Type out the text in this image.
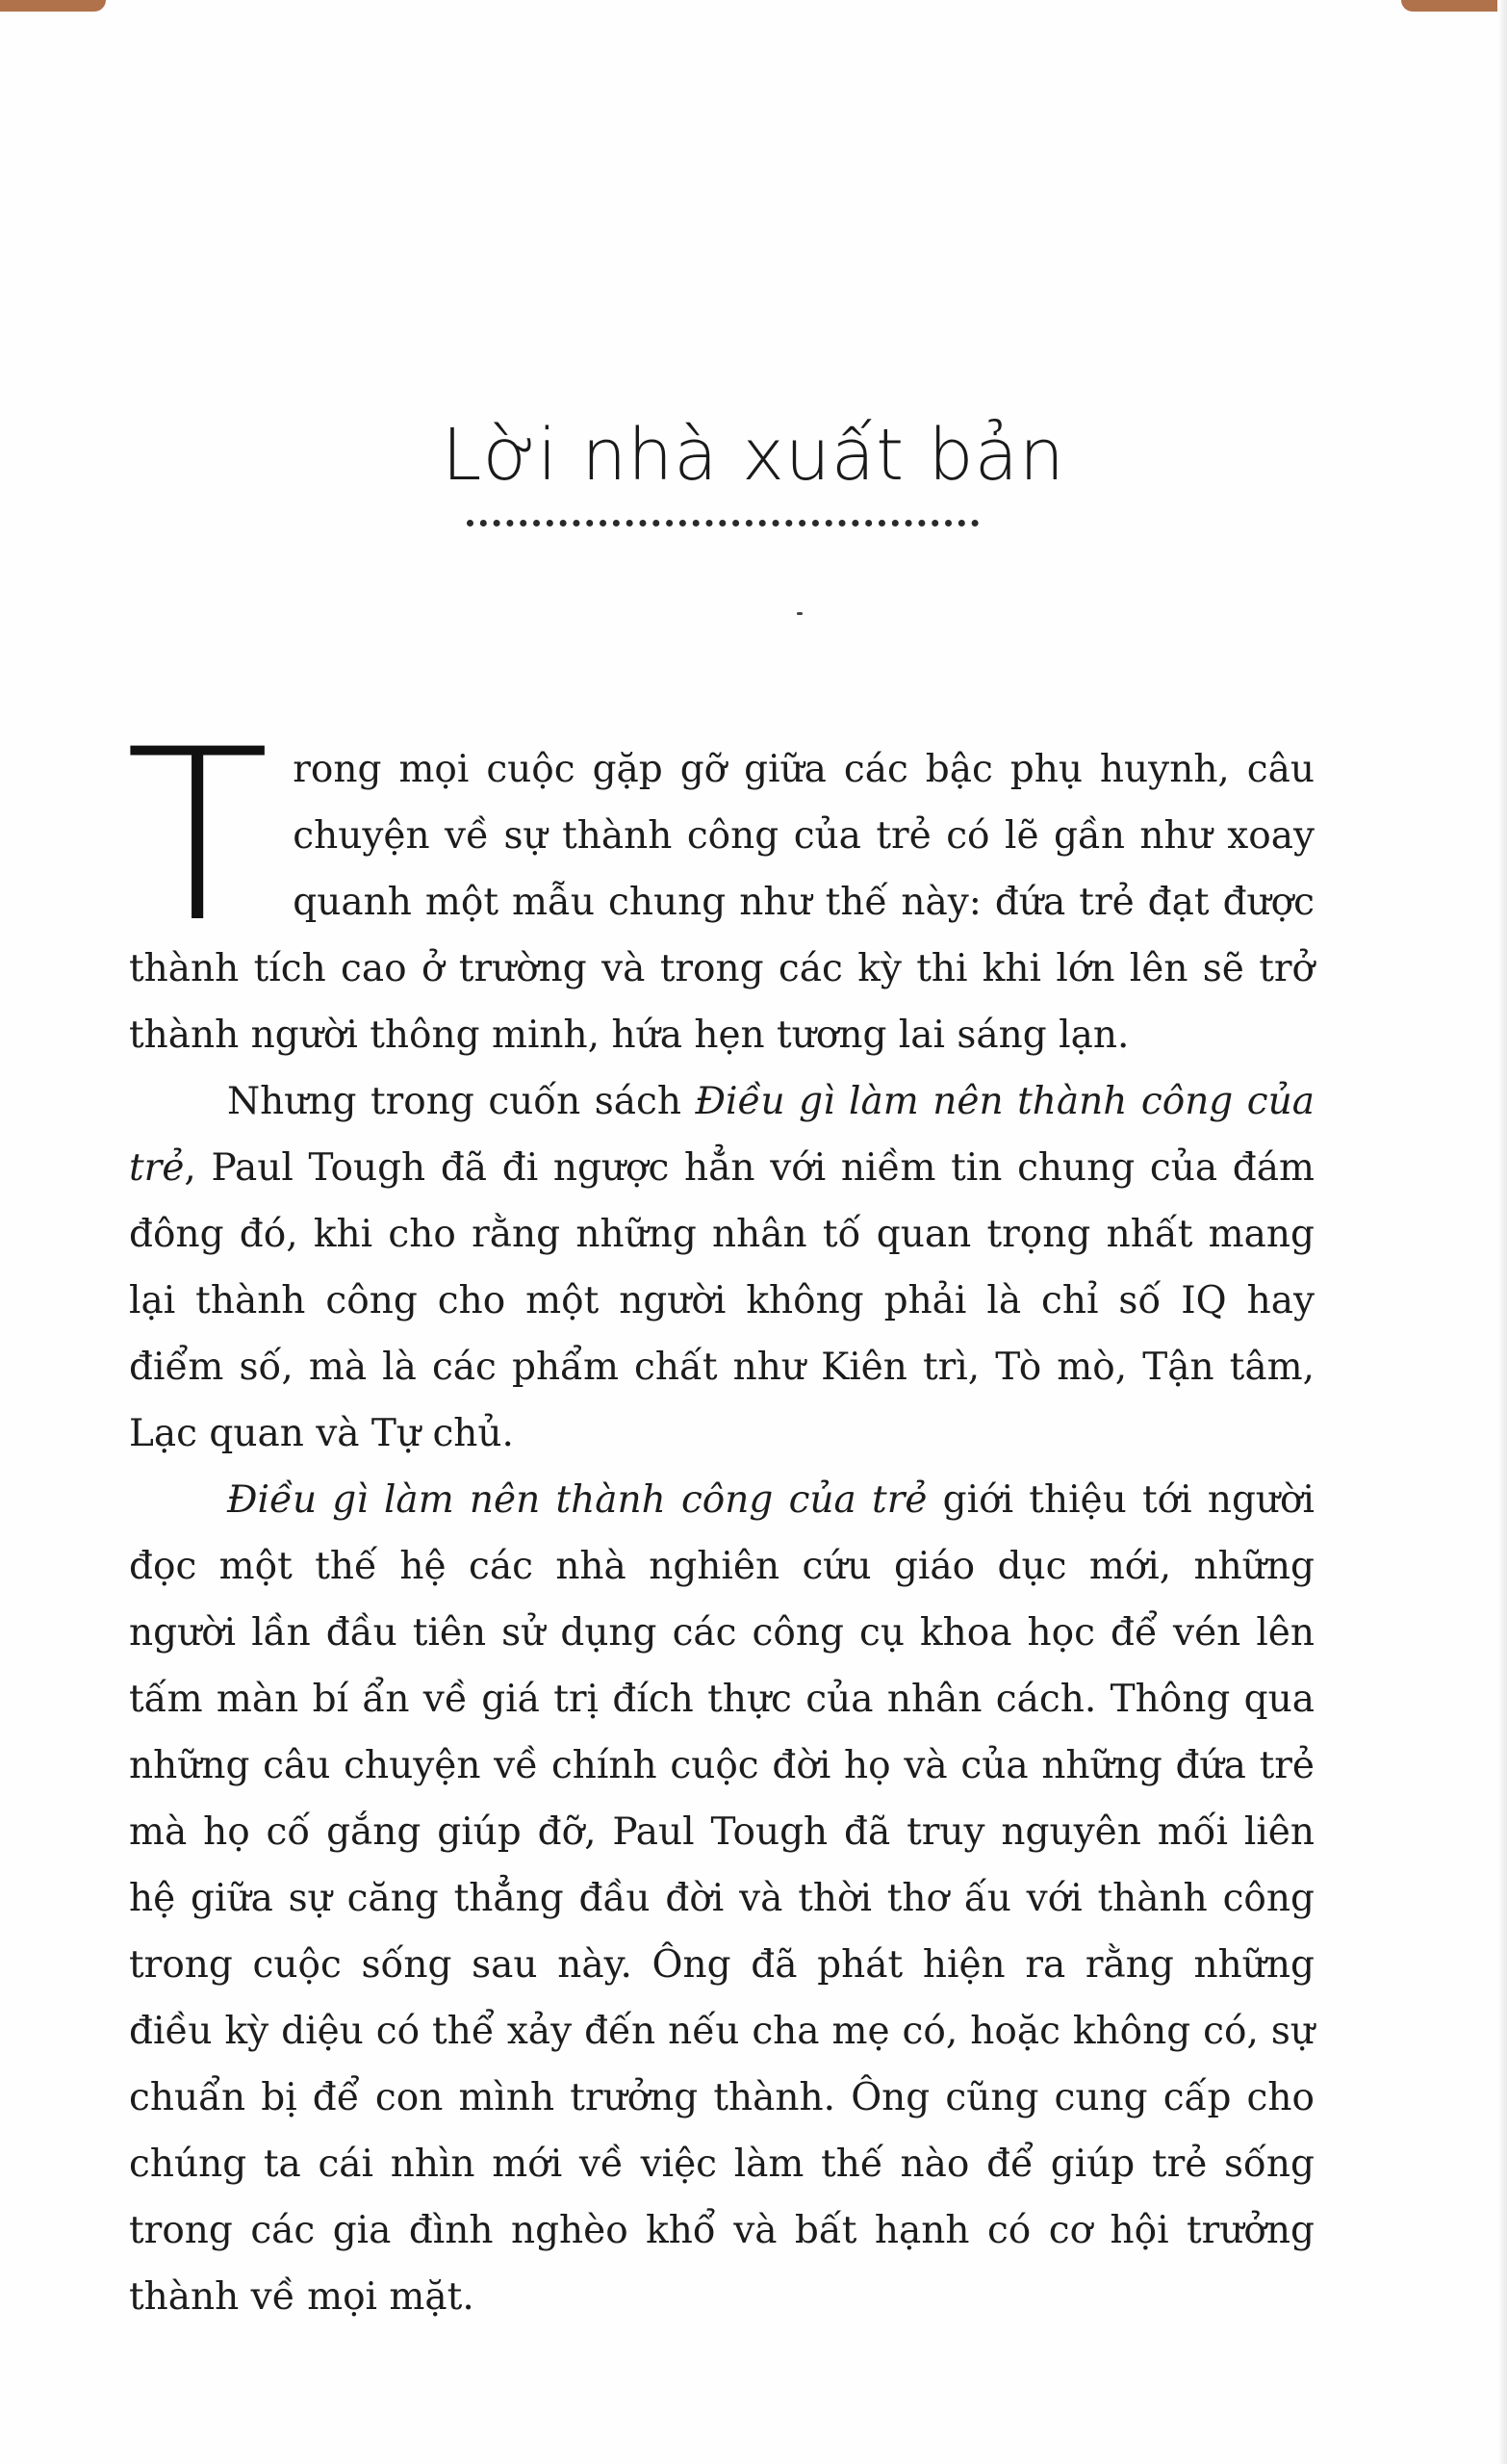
Lời nhà xuất bản

Trong mọi cuộc gặp gỡ giữa các bậc phụ huynh, câu chuyện về sự thành công của trẻ có lẽ gần như xoay quanh một mẫu chung như thế này: đứa trẻ đạt được thành tích cao ở trường và trong các kỳ thi khi lớn lên sẽ trở thành người thông minh, hứa hẹn tương lai sáng lạn.

Nhưng trong cuốn sách Điều gì làm nên thành công của trẻ, Paul Tough đã đi ngược hẳn với niềm tin chung của đám đông đó, khi cho rằng những nhân tố quan trọng nhất mang lại thành công cho một người không phải là chỉ số IQ hay điểm số, mà là các phẩm chất như Kiên trì, Tò mò, Tận tâm, Lạc quan và Tự chủ.

Điều gì làm nên thành công của trẻ giới thiệu tới người đọc một thế hệ các nhà nghiên cứu giáo dục mới, những người lần đầu tiên sử dụng các công cụ khoa học để vén lên tấm màn bí ẩn về giá trị đích thực của nhân cách. Thông qua những câu chuyện về chính cuộc đời họ và của những đứa trẻ mà họ cố gắng giúp đỡ, Paul Tough đã truy nguyên mối liên hệ giữa sự căng thẳng đầu đời và thời thơ ấu với thành công trong cuộc sống sau này. Ông đã phát hiện ra rằng những điều kỳ diệu có thể xảy đến nếu cha mẹ có, hoặc không có, sự chuẩn bị để con mình trưởng thành. Ông cũng cung cấp cho chúng ta cái nhìn mới về việc làm thế nào để giúp trẻ sống trong các gia đình nghèo khổ và bất hạnh có cơ hội trưởng thành về mọi mặt.
